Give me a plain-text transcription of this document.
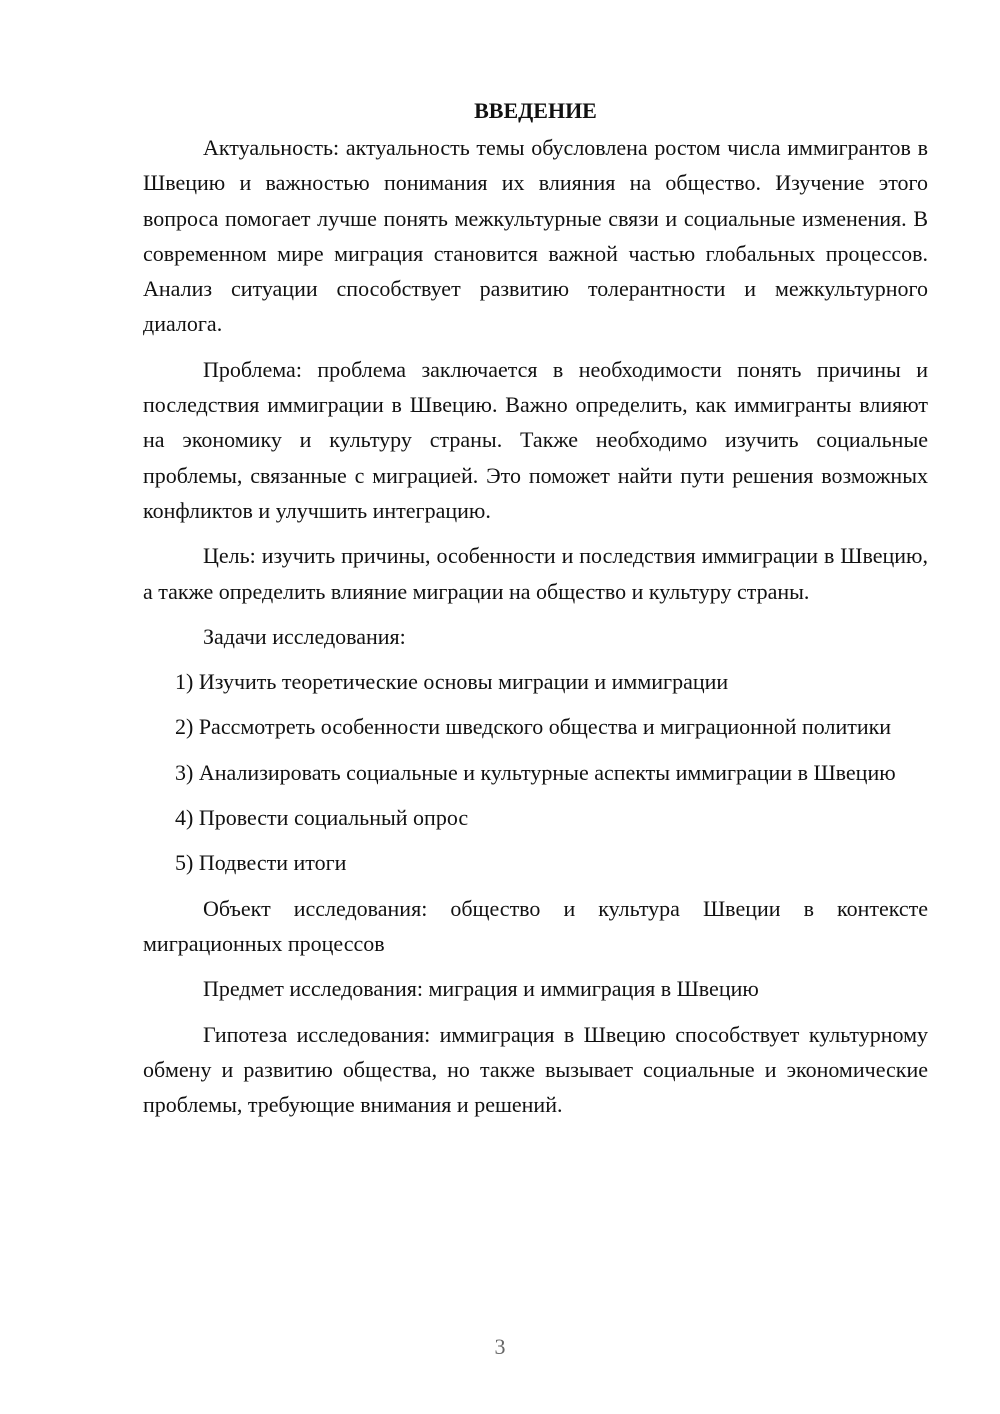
ВВЕДЕНИЕ

Актуальность: актуальность темы обусловлена ростом числа иммигрантов в Швецию и важностью понимания их влияния на общество. Изучение этого вопроса помогает лучше понять межкультурные связи и социальные изменения. В современном мире миграция становится важной частью глобальных процессов. Анализ ситуации способствует развитию толерантности и межкультурного диалога.

Проблема: проблема заключается в необходимости понять причины и последствия иммиграции в Швецию. Важно определить, как иммигранты влияют на экономику и культуру страны. Также необходимо изучить социальные проблемы, связанные с миграцией. Это поможет найти пути решения возможных конфликтов и улучшить интеграцию.

Цель: изучить причины, особенности и последствия иммиграции в Швецию, а также определить влияние миграции на общество и культуру страны.

Задачи исследования:

1) Изучить теоретические основы миграции и иммиграции

2) Рассмотреть особенности шведского общества и миграционной политики

3) Анализировать социальные и культурные аспекты иммиграции в Швецию

4) Провести социальный опрос

5) Подвести итоги

Объект исследования: общество и культура Швеции в контексте миграционных процессов

Предмет исследования: миграция и иммиграция в Швецию

Гипотеза исследования: иммиграция в Швецию способствует культурному обмену и развитию общества, но также вызывает социальные и экономические проблемы, требующие внимания и решений.

3
